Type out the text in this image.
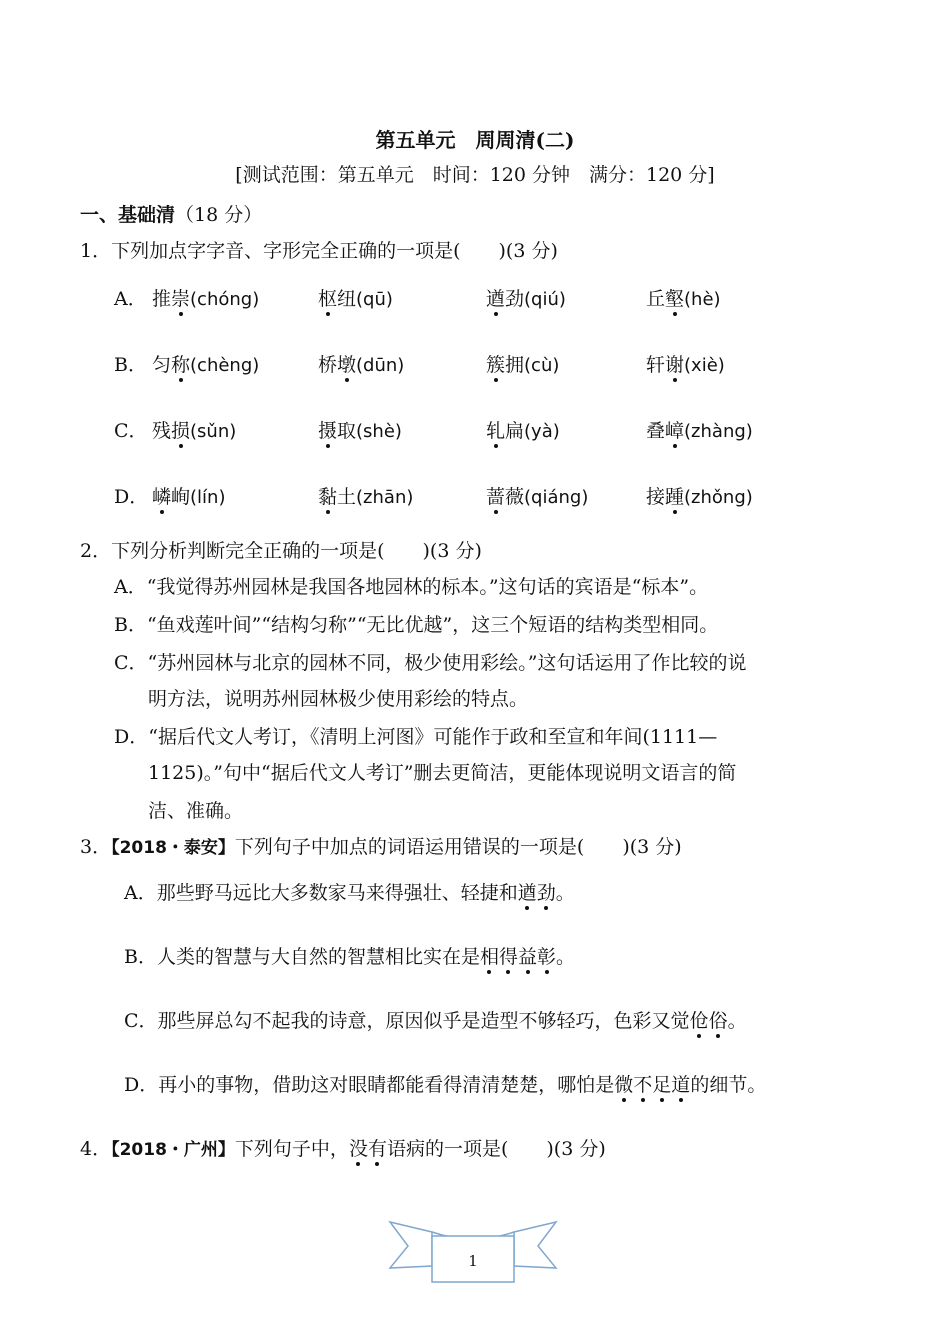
第五单元　周周清(二)
[测试范围：第五单元　时间：120 分钟　满分：120 分]
一、基础清（18 分）
1．下列加点字字音、字形完全正确的一项是(　　)(3 分)
A． 推崇(chóng)	枢纽(qū)	遒劲(qiú)	丘壑(hè)
B． 匀称(chèng)	桥墩(dūn)	簇拥(cù)	轩谢(xiè)
C． 残损(sǔn)	摄取(shè)	轧扁(yà)	叠嶂(zhàng)
D． 嶙峋(lín)	黏土(zhān)	蔷薇(qiáng)	接踵(zhǒng)
2．下列分析判断完全正确的一项是(　　)(3 分)
A．“我觉得苏州园林是我国各地园林的标本。”这句话的宾语是“标本”。
B．“鱼戏莲叶间”“结构匀称”“无比优越”，这三个短语的结构类型相同。
C．“苏州园林与北京的园林不同，极少使用彩绘。”这句话运用了作比较的说
明方法，说明苏州园林极少使用彩绘的特点。
D．“据后代文人考订，《清明上河图》可能作于政和至宣和年间(1111—
1125)。”句中“据后代文人考订”删去更简洁，更能体现说明文语言的简
洁、准确。
3．【2018・泰安】下列句子中加点的词语运用错误的一项是(　　)(3 分)
A．那些野马远比大多数家马来得强壮、轻捷和遒劲。
B．人类的智慧与大自然的智慧相比实在是相得益彰。
C．那些屏总勾不起我的诗意，原因似乎是造型不够轻巧，色彩又觉伧俗。
D．再小的事物，借助这对眼睛都能看得清清楚楚，哪怕是微不足道的细节。
4．【2018・广州】下列句子中，没有语病的一项是(　　)(3 分)
1
